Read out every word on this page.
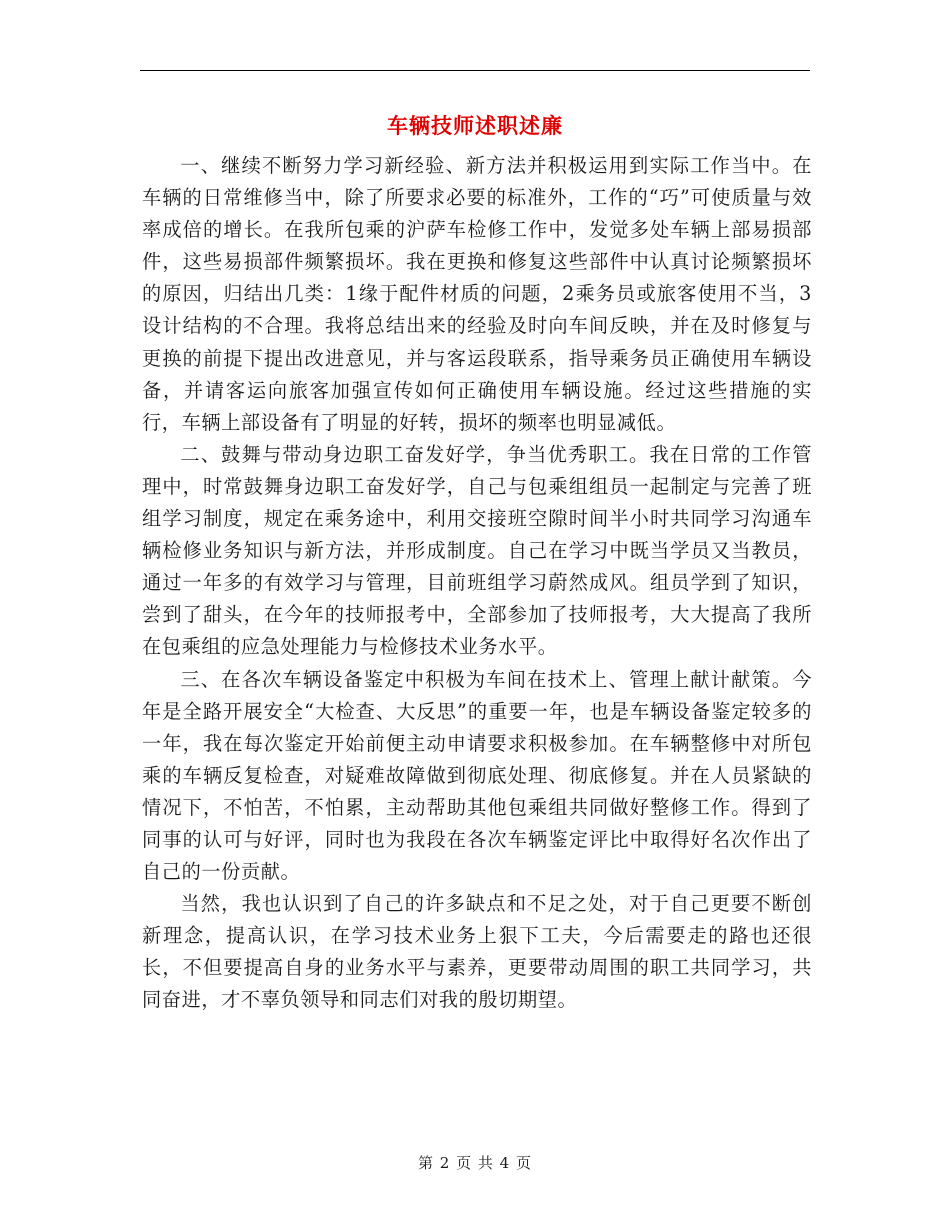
车辆技师述职述廉

一、继续不断努力学习新经验、新方法并积极运用到实际工作当中。在车辆的日常维修当中，除了所要求必要的标准外，工作的“巧”可使质量与效率成倍的增长。在我所包乘的沪萨车检修工作中，发觉多处车辆上部易损部件，这些易损部件频繁损坏。我在更换和修复这些部件中认真讨论频繁损坏的原因，归结出几类：1缘于配件材质的问题，2乘务员或旅客使用不当，3设计结构的不合理。我将总结出来的经验及时向车间反映，并在及时修复与更换的前提下提出改进意见，并与客运段联系，指导乘务员正确使用车辆设备，并请客运向旅客加强宣传如何正确使用车辆设施。经过这些措施的实行，车辆上部设备有了明显的好转，损坏的频率也明显减低。

二、鼓舞与带动身边职工奋发好学，争当优秀职工。我在日常的工作管理中，时常鼓舞身边职工奋发好学，自己与包乘组组员一起制定与完善了班组学习制度，规定在乘务途中，利用交接班空隙时间半小时共同学习沟通车辆检修业务知识与新方法，并形成制度。自己在学习中既当学员又当教员，通过一年多的有效学习与管理，目前班组学习蔚然成风。组员学到了知识，尝到了甜头，在今年的技师报考中，全部参加了技师报考，大大提高了我所在包乘组的应急处理能力与检修技术业务水平。

三、在各次车辆设备鉴定中积极为车间在技术上、管理上献计献策。今年是全路开展安全“大检查、大反思”的重要一年，也是车辆设备鉴定较多的一年，我在每次鉴定开始前便主动申请要求积极参加。在车辆整修中对所包乘的车辆反复检查，对疑难故障做到彻底处理、彻底修复。并在人员紧缺的情况下，不怕苦，不怕累，主动帮助其他包乘组共同做好整修工作。得到了同事的认可与好评，同时也为我段在各次车辆鉴定评比中取得好名次作出了自己的一份贡献。

当然，我也认识到了自己的许多缺点和不足之处，对于自己更要不断创新理念，提高认识，在学习技术业务上狠下工夫，今后需要走的路也还很长，不但要提高自身的业务水平与素养，更要带动周围的职工共同学习，共同奋进，才不辜负领导和同志们对我的殷切期望。

第 2 页 共 4 页
